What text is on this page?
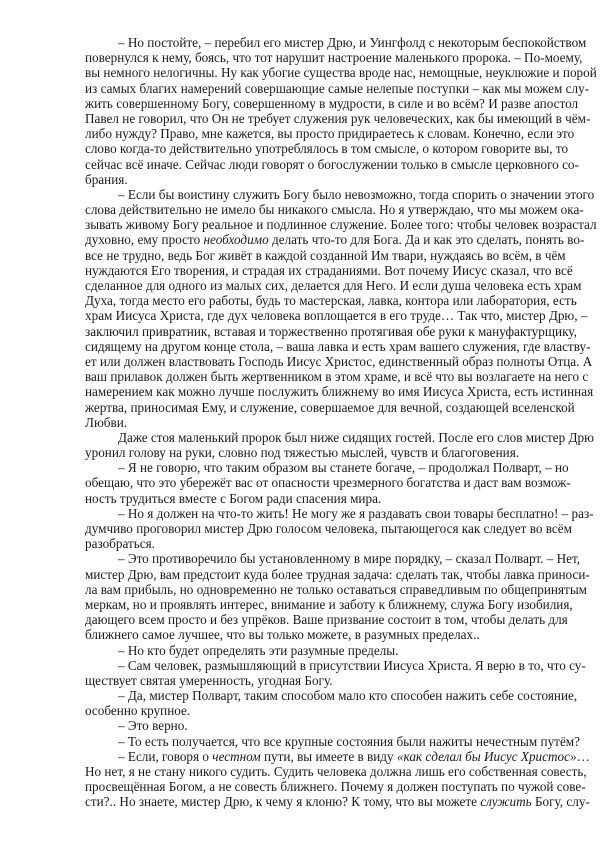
– Но постойте, – перебил его мистер Дрю, и Уингфолд с некоторым беспокойством
повернулся к нему, боясь, что тот нарушит настроение маленького пророка. – По-моему,
вы немного нелогичны. Ну как убогие существа вроде нас, немощные, неуклюжие и порой
из самых благих намерений совершающие самые нелепые поступки – как мы можем слу-
жить совершенному Богу, совершенному в мудрости, в силе и во всём? И разве апостол
Павел не говорил, что Он не требует служения рук человеческих, как бы имеющий в чём-
либо нужду? Право, мне кажется, вы просто придираетесь к словам. Конечно, если это
слово когда-то действительно употреблялось в том смысле, о котором говорите вы, то
сейчас всё иначе. Сейчас люди говорят о богослужении только в смысле церковного со-
брания.
– Если бы воистину служить Богу было невозможно, тогда спорить о значении этого
слова действительно не имело бы никакого смысла. Но я утверждаю, что мы можем ока-
зывать живому Богу реальное и подлинное служение. Более того: чтобы человек возрастал
духовно, ему просто необходимо делать что-то для Бога. Да и как это сделать, понять во-
все не трудно, ведь Бог живёт в каждой созданной Им твари, нуждаясь во всём, в чём
нуждаются Его творения, и страдая их страданиями. Вот почему Иисус сказал, что всё
сделанное для одного из малых сих, делается для Него. И если душа человека есть храм
Духа, тогда место его работы, будь то мастерская, лавка, контора или лаборатория, есть
храм Иисуса Христа, где дух человека воплощается в его труде… Так что, мистер Дрю, –
заключил привратник, вставая и торжественно протягивая обе руки к мануфактурщику,
сидящему на другом конце стола, – ваша лавка и есть храм вашего служения, где властву-
ет или должен властвовать Господь Иисус Христос, единственный образ полноты Отца. А
ваш прилавок должен быть жертвенником в этом храме, и всё что вы возлагаете на него с
намерением как можно лучше послужить ближнему во имя Иисуса Христа, есть истинная
жертва, приносимая Ему, и служение, совершаемое для вечной, создающей вселенской
Любви.
Даже стоя маленький пророк был ниже сидящих гостей. После его слов мистер Дрю
уронил голову на руки, словно под тяжестью мыслей, чувств и благоговения.
– Я не говорю, что таким образом вы станете богаче, – продолжал Полварт, – но
обещаю, что это убережёт вас от опасности чрезмерного богатства и даст вам возмож-
ность трудиться вместе с Богом ради спасения мира.
– Но я должен на что-то жить! Не могу же я раздавать свои товары бесплатно! – раз-
думчиво проговорил мистер Дрю голосом человека, пытающегося как следует во всём
разобраться.
– Это противоречило бы установленному в мире порядку, – сказал Полварт. – Нет,
мистер Дрю, вам предстоит куда более трудная задача: сделать так, чтобы лавка приноси-
ла вам прибыль, но одновременно не только оставаться справедливым по общепринятым
меркам, но и проявлять интерес, внимание и заботу к ближнему, служа Богу изобилия,
дающего всем просто и без упрёков. Ваше призвание состоит в том, чтобы делать для
ближнего самое лучшее, что вы только можете, в разумных пределах..
– Но кто будет определять эти разумные пределы.
– Сам человек, размышляющий в присутствии Иисуса Христа. Я верю в то, что су-
ществует святая умеренность, угодная Богу.
– Да, мистер Полварт, таким способом мало кто способен нажить себе состояние,
особенно крупное.
– Это верно.
– То есть получается, что все крупные состояния были нажиты нечестным путём?
– Если, говоря о честном пути, вы имеете в виду «как сделал бы Иисус Христос»…
Но нет, я не стану никого судить. Судить человека должна лишь его собственная совесть,
просвещённая Богом, а не совесть ближнего. Почему я должен поступать по чужой сове-
сти?.. Но знаете, мистер Дрю, к чему я клоню? К тому, что вы можете служить Богу, слу-
